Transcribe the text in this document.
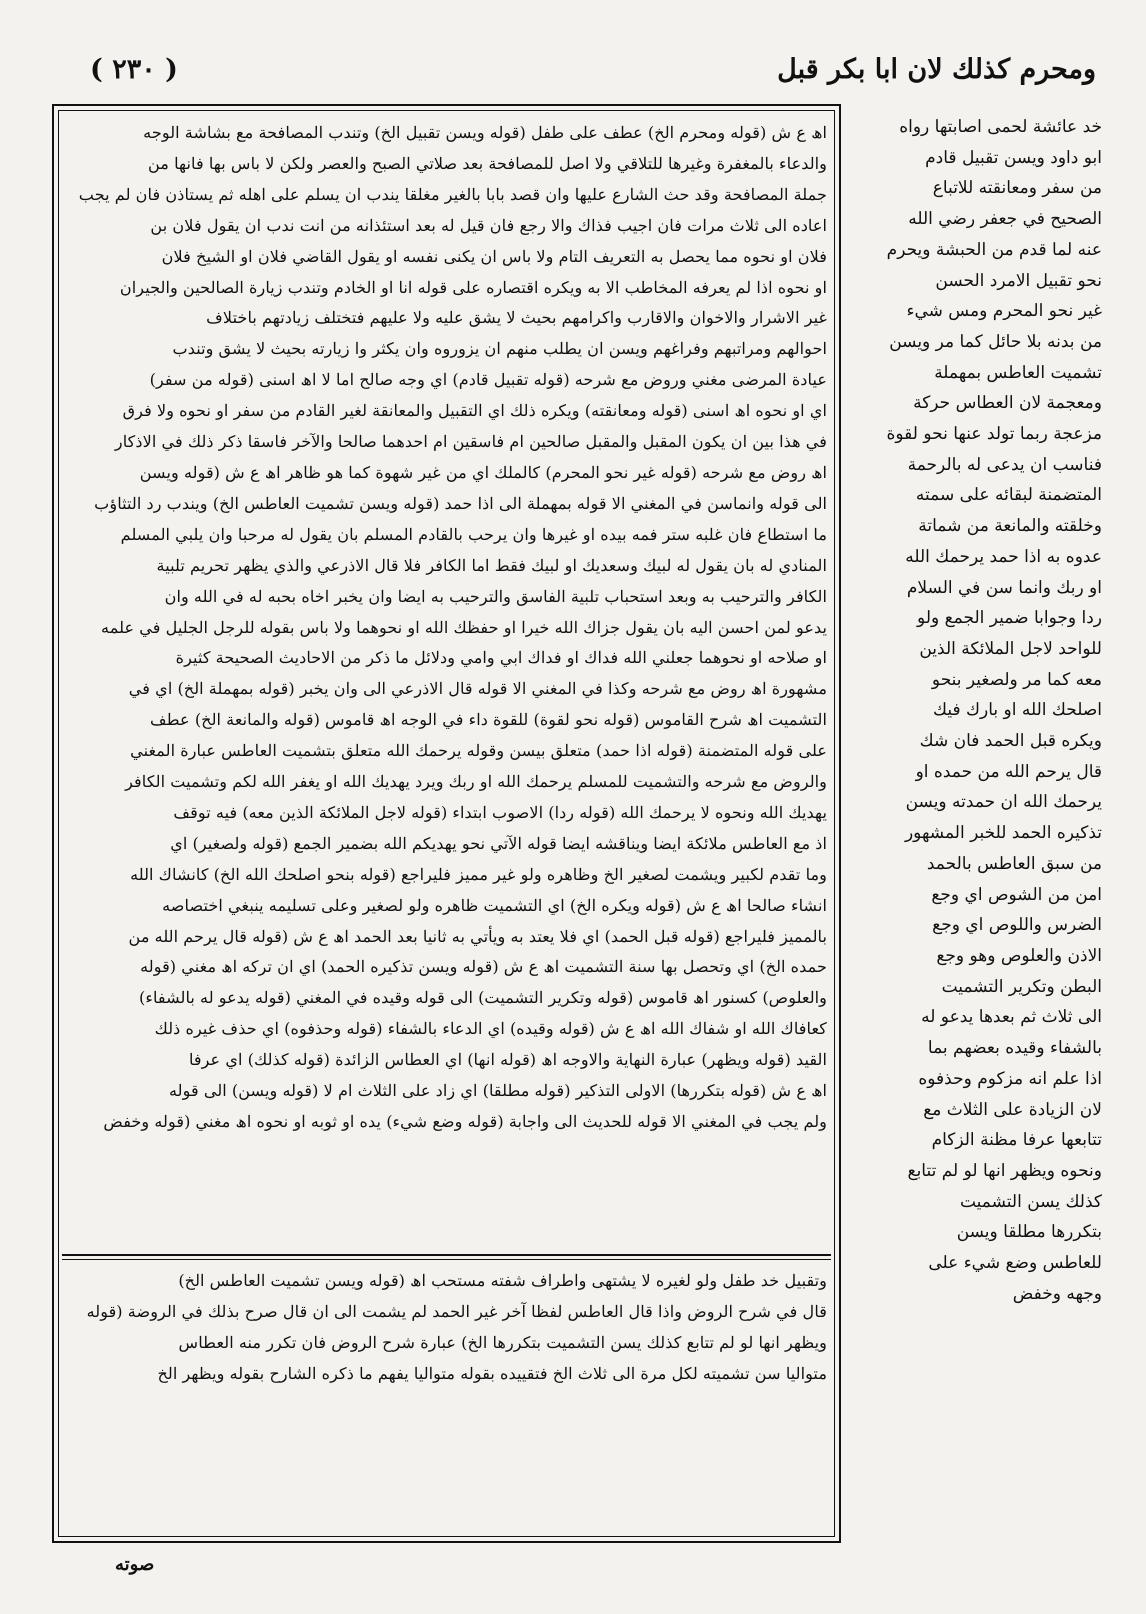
ومحرم كذلك لان ابا بكر قبل
( ٢٣٠ )

اھ ع ش (قوله ومحرم الخ) عطف على طفل (قوله ويسن تقبيل الخ) وتندب المصافحة مع بشاشة الوجه

والدعاء بالمغفرة وغيرها للتلاقي ولا اصل للمصافحة بعد صلاتي الصبح والعصر ولكن لا باس بها فانها من

جملة المصافحة وقد حث الشارع عليها وان قصد بابا بالغير مغلقا يندب ان يسلم على اهله ثم يستاذن فان لم يجب

اعاده الى ثلاث مرات فان اجيب فذاك والا رجع فان قيل له بعد استئذانه من انت ندب ان يقول فلان بن

فلان او نحوه مما يحصل به التعريف التام ولا باس ان يكنى نفسه او يقول القاضي فلان او الشيخ فلان

او نحوه اذا لم يعرفه المخاطب الا به ويكره اقتصاره على قوله انا او الخادم وتندب زيارة الصالحين والجيران

غير الاشرار والاخوان والاقارب واكرامهم بحيث لا يشق عليه ولا عليهم فتختلف زيادتهم باختلاف

احوالهم ومراتبهم وفراغهم ويسن ان يطلب منهم ان يزوروه وان يكثر وا زيارته بحيث لا يشق وتندب

عيادة المرضى مغني وروض مع شرحه (قوله تقبيل قادم) اي وجه صالح اما لا اھ اسنى (قوله من سفر)

اي او نحوه اھ اسنى (قوله ومعانقته) ويكره ذلك اي التقبيل والمعانقة لغير القادم من سفر او نحوه ولا فرق

في هذا بين ان يكون المقبل والمقبل صالحين ام فاسقين ام احدهما صالحا والآخر فاسقا ذكر ذلك في الاذكار

اھ روض مع شرحه (قوله غير نحو المحرم) كالملك اي من غير شهوة كما هو ظاهر اھ ع ش (قوله ويسن

الى قوله وانماسن في المغني الا قوله بمهملة الى اذا حمد (قوله ويسن تشميت العاطس الخ) ويندب رد التثاؤب

ما استطاع فان غلبه ستر فمه بيده او غيرها وان يرحب بالقادم المسلم بان يقول له مرحبا وان يلبي المسلم

المنادي له بان يقول له لبيك وسعديك او لبيك فقط اما الكافر فلا قال الاذرعي والذي يظهر تحريم تلبية

الكافر والترحيب به وبعد استحباب تلبية الفاسق والترحيب به ايضا وان يخبر اخاه بحبه له في الله وان

يدعو لمن احسن اليه بان يقول جزاك الله خيرا او حفظك الله او نحوهما ولا باس بقوله للرجل الجليل في علمه

او صلاحه او نحوهما جعلني الله فداك او فداك ابي وامي ودلائل ما ذكر من الاحاديث الصحيحة كثيرة

مشهورة اھ روض مع شرحه وكذا في المغني الا قوله قال الاذرعي الى وان يخبر (قوله بمهملة الخ) اي في

التشميت اھ شرح القاموس (قوله نحو لقوة) للقوة داء في الوجه اھ قاموس (قوله والمانعة الخ) عطف

على قوله المتضمنة (قوله اذا حمد) متعلق بيسن وقوله يرحمك الله متعلق بتشميت العاطس عبارة المغني

والروض مع شرحه والتشميت للمسلم يرحمك الله او ربك ويرد يهديك الله او يغفر الله لكم وتشميت الكافر

يهديك الله ونحوه لا يرحمك الله (قوله ردا) الاصوب ابتداء (قوله لاجل الملائكة الذين معه) فيه توقف

اذ مع العاطس ملائكة ايضا ويناقشه ايضا قوله الآتي نحو يهديكم الله بضمير الجمع (قوله ولصغير) اي

وما تقدم لكبير ويشمت لصغير الخ وظاهره ولو غير مميز فليراجع (قوله بنحو اصلحك الله الخ) كانشاك الله

انشاء صالحا اھ ع ش (قوله ويكره الخ) اي التشميت ظاهره ولو لصغير وعلى تسليمه ينبغي اختصاصه

بالمميز فليراجع (قوله قبل الحمد) اي فلا يعتد به ويأتي به ثانيا بعد الحمد اھ ع ش (قوله قال يرحم الله من

حمده الخ) اي وتحصل بها سنة التشميت اھ ع ش (قوله ويسن تذكيره الحمد) اي ان تركه اھ مغني (قوله

والعلوص) كسنور اھ قاموس (قوله وتكرير التشميت) الى قوله وقيده في المغني (قوله يدعو له بالشفاء)

كعافاك الله او شفاك الله اھ ع ش (قوله وقيده) اي الدعاء بالشفاء (قوله وحذفوه) اي حذف غيره ذلك

القيد (قوله ويظهر) عبارة النهاية والاوجه اھ (قوله انها) اي العطاس الزائدة (قوله كذلك) اي عرفا

اھ ع ش (قوله بتكررها) الاولى التذكير (قوله مطلقا) اي زاد على الثلاث ام لا (قوله ويسن) الى قوله

ولم يجب في المغني الا قوله للحديث الى واجابة (قوله وضع شيء) يده او ثوبه او نحوه اھ مغني (قوله وخفض

وتقبيل خد طفل ولو لغيره لا يشتهى واطراف شفته مستحب اھ (قوله ويسن تشميت العاطس الخ)

قال في شرح الروض واذا قال العاطس لفظا آخر غير الحمد لم يشمت الى ان قال صرح بذلك في الروضة (قوله

ويظهر انها لو لم تتابع كذلك يسن التشميت بتكررها الخ) عبارة شرح الروض فان تكرر منه العطاس

متواليا سن تشميته لكل مرة الى ثلاث الخ فتقييده بقوله متواليا يفهم ما ذكره الشارح بقوله ويظهر الخ

خد عائشة لحمى اصابتها رواه

ابو داود ويسن تقبيل قادم

من سفر ومعانقته للاتباع

الصحيح في جعفر رضي الله

عنه لما قدم من الحبشة ويحرم

نحو تقبيل الامرد الحسن

غير نحو المحرم ومس شيء

من بدنه بلا حائل كما مر ويسن

تشميت العاطس بمهملة

ومعجمة لان العطاس حركة

مزعجة ربما تولد عنها نحو لقوة

فناسب ان يدعى له بالرحمة

المتضمنة لبقائه على سمته

وخلقته والمانعة من شماتة

عدوه به اذا حمد يرحمك الله

او ربك وانما سن في السلام

ردا وجوابا ضمير الجمع ولو

للواحد لاجل الملائكة الذين

معه كما مر ولصغير بنحو

اصلحك الله او بارك فيك

ويكره قبل الحمد فان شك

قال يرحم الله من حمده او

يرحمك الله ان حمدته ويسن

تذكيره الحمد للخبر المشهور

من سبق العاطس بالحمد

امن من الشوص اي وجع

الضرس واللوص اي وجع

الاذن والعلوص وهو وجع

البطن وتكرير التشميت

الى ثلاث ثم بعدها يدعو له

بالشفاء وقيده بعضهم بما

اذا علم انه مزكوم وحذفوه

لان الزيادة على الثلاث مع

تتابعها عرفا مظنة الزكام

ونحوه ويظهر انها لو لم تتابع

كذلك يسن التشميت

بتكررها مطلقا ويسن

للعاطس وضع شيء على

وجهه وخفض

صوته
